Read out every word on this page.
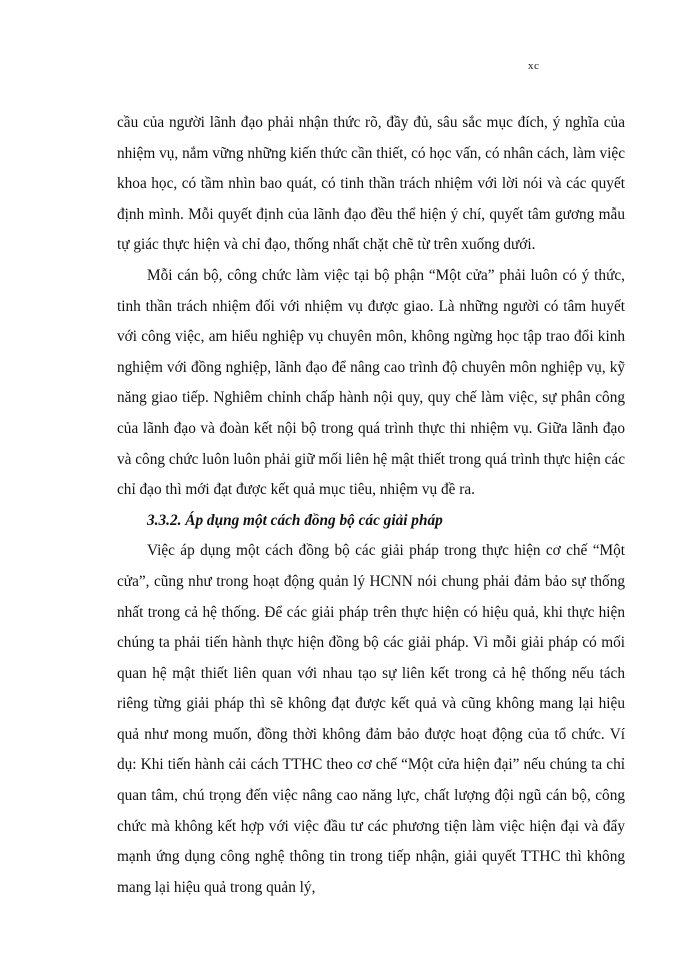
xc

cầu của người lãnh đạo phải nhận thức rõ, đầy đủ, sâu sắc mục đích, ý nghĩa của nhiệm vụ, nắm vững những kiến thức cần thiết, có học vấn, có nhân cách, làm việc khoa học, có tầm nhìn bao quát, có tinh thần trách nhiệm với lời nói và các quyết định mình. Mỗi quyết định của lãnh đạo đều thể hiện ý chí, quyết tâm gương mẫu tự giác thực hiện và chỉ đạo, thống nhất chặt chẽ từ trên xuống dưới.

Mỗi cán bộ, công chức làm việc tại bộ phận “Một cửa” phải luôn có ý thức, tinh thần trách nhiệm đối với nhiệm vụ được giao. Là những người có tâm huyết với công việc, am hiểu nghiệp vụ chuyên môn, không ngừng học tập trao đổi kinh nghiệm với đồng nghiệp, lãnh đạo để nâng cao trình độ chuyên môn nghiệp vụ, kỹ năng giao tiếp. Nghiêm chỉnh chấp hành nội quy, quy chế làm việc, sự phân công của lãnh đạo và đoàn kết nội bộ trong quá trình thực thi nhiệm vụ. Giữa lãnh đạo và công chức luôn luôn phải giữ mối liên hệ mật thiết trong quá trình thực hiện các chỉ đạo thì mới đạt được kết quả mục tiêu, nhiệm vụ đề ra.

3.3.2. Áp dụng một cách đồng bộ các giải pháp

Việc áp dụng một cách đồng bộ các giải pháp trong thực hiện cơ chế “Một cửa”, cũng như trong hoạt động quản lý HCNN nói chung phải đảm bảo sự thống nhất trong cả hệ thống. Để các giải pháp trên thực hiện có hiệu quả, khi thực hiện chúng ta phải tiến hành thực hiện đồng bộ các giải pháp. Vì mỗi giải pháp có mối quan hệ mật thiết liên quan với nhau tạo sự liên kết trong cả hệ thống nếu tách riêng từng giải pháp thì sẽ không đạt được kết quả và cũng không mang lại hiệu quả như mong muốn, đồng thời không đảm bảo được hoạt động của tổ chức. Ví dụ: Khi tiến hành cải cách TTHC theo cơ chế “Một cửa hiện đại” nếu chúng ta chỉ quan tâm, chú trọng đến việc nâng cao năng lực, chất lượng đội ngũ cán bộ, công chức mà không kết hợp với việc đầu tư các phương tiện làm việc hiện đại và đẩy mạnh ứng dụng công nghệ thông tin trong tiếp nhận, giải quyết TTHC thì không mang lại hiệu quả trong quản lý,
